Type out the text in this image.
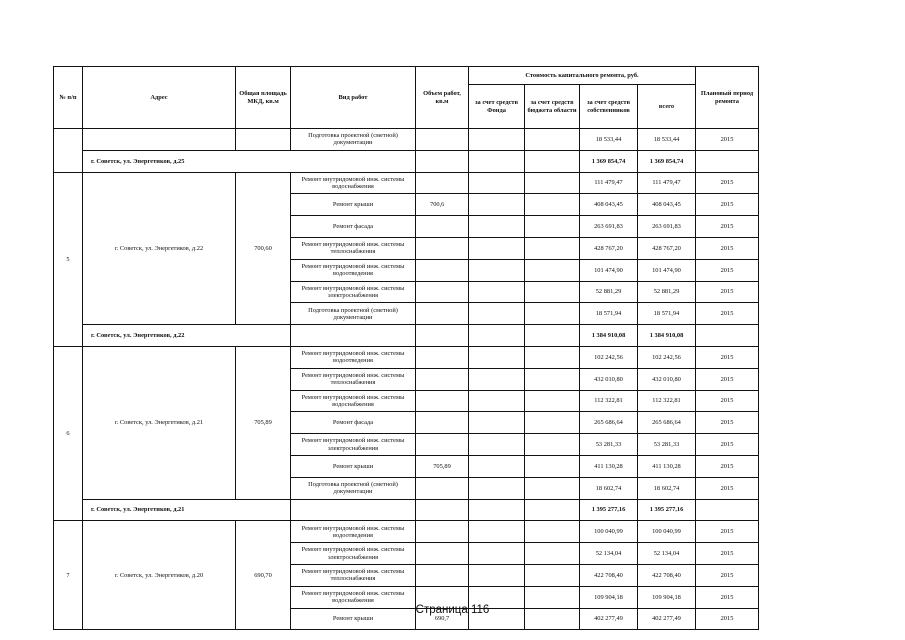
№ п/п	Адрес	Общая площадь МКД, кв.м	Вид работ	Объем работ, кв.м	Стоимость капитального ремонта, руб.				Плановый период ремонта
					за счет средств Фонда	за счет средств бюджета области	за счет средств собственников	всего	
			Подготовка проектной (сметной) документации				18 533,44	18 533,44	2015
	г. Советск, ул. Энергетиков, д.25						1 369 854,74	1 369 854,74	
5	г. Советск, ул. Энергетиков, д.22	700,60	Ремонт внутридомовой инж. системы водоснабжения				111 479,47	111 479,47	2015
			Ремонт крыши	700,6			408 043,45	408 043,45	2015
			Ремонт фасада				263 691,83	263 691,83	2015
			Ремонт внутридомовой инж. системы теплоснабжения				428 767,20	428 767,20	2015
			Ремонт внутридомовой инж. системы водоотведения				101 474,90	101 474,90	2015
			Ремонт внутридомовой инж. системы электроснабжения				52 881,29	52 881,29	2015
			Подготовка проектной (сметной) документации				18 571,94	18 571,94	2015
	г. Советск, ул. Энергетиков, д.22						1 384 910,08	1 384 910,08	
6	г. Советск, ул. Энергетиков, д.21	705,89	Ремонт внутридомовой инж. системы водоотведения				102 242,56	102 242,56	2015
			Ремонт внутридомовой инж. системы теплоснабжения				432 010,80	432 010,80	2015
			Ремонт внутридомовой инж. системы водоснабжения				112 322,81	112 322,81	2015
			Ремонт фасада				265 686,64	265 686,64	2015
			Ремонт внутридомовой инж. системы электроснабжения				53 281,33	53 281,33	2015
			Ремонт крыши	705,89			411 130,28	411 130,28	2015
			Подготовка проектной (сметной) документации				18 602,74	18 602,74	2015
	г. Советск, ул. Энергетиков, д.21						1 395 277,16	1 395 277,16	
7	г. Советск, ул. Энергетиков, д.20	690,70	Ремонт внутридомовой инж. системы водоотведения				100 040,99	100 040,99	2015
			Ремонт внутридомовой инж. системы электроснабжения				52 134,04	52 134,04	2015
			Ремонт внутридомовой инж. системы теплоснабжения				422 708,40	422 708,40	2015
			Ремонт внутридомовой инж. системы водоснабжения				109 904,18	109 904,18	2015
			Ремонт крыши	690,7			402 277,49	402 277,49	2015
Страница 116
